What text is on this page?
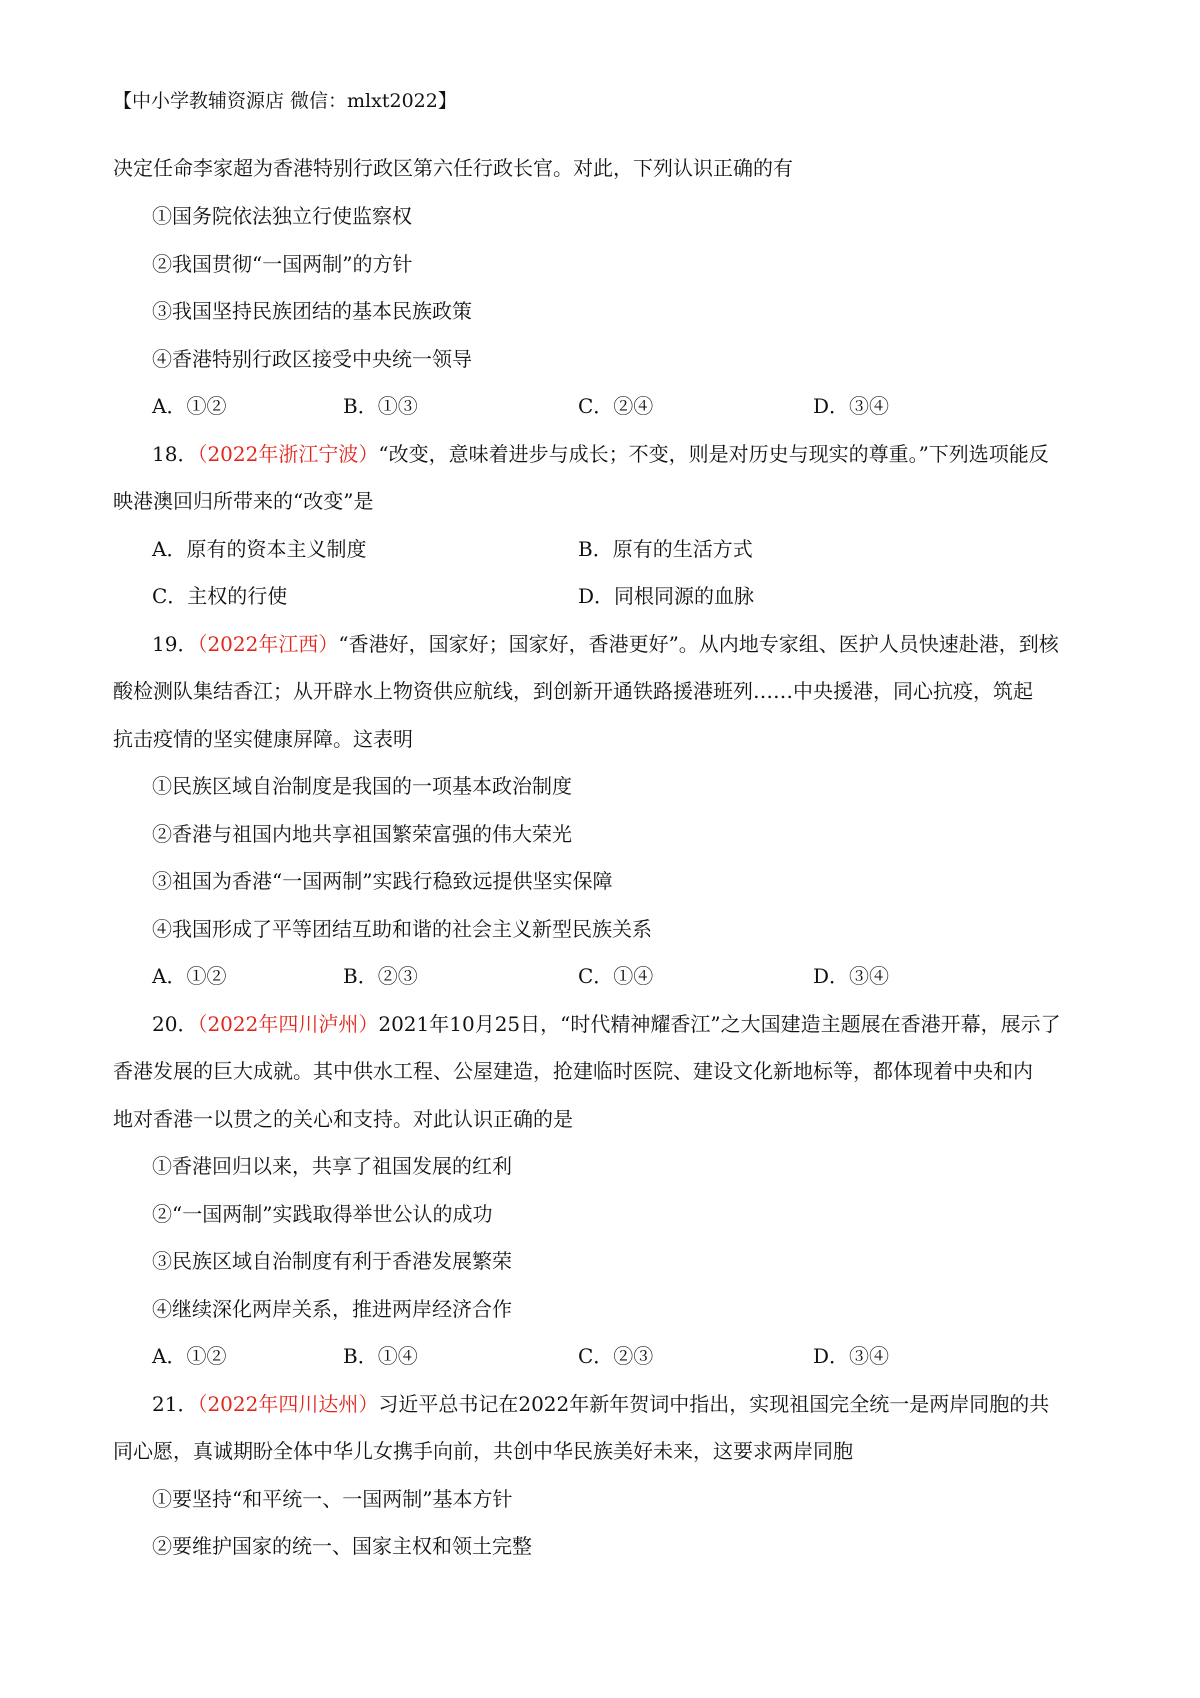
【中小学教辅资源店 微信：mlxt2022】
决定任命李家超为香港特别行政区第六任行政长官。对此，下列认识正确的有
①国务院依法独立行使监察权
②我国贯彻“一国两制”的方针
③我国坚持民族团结的基本民族政策
④香港特别行政区接受中央统一领导
A．①②	B．①③	C．②④	D．③④
18．（2022年浙江宁波）“改变，意味着进步与成长；不变，则是对历史与现实的尊重。”下列选项能反
映港澳回归所带来的“改变”是
A．原有的资本主义制度	B．原有的生活方式
C．主权的行使	D．同根同源的血脉
19．（2022年江西）“香港好，国家好；国家好，香港更好”。从内地专家组、医护人员快速赴港，到核
酸检测队集结香江；从开辟水上物资供应航线，到创新开通铁路援港班列……中央援港，同心抗疫，筑起
抗击疫情的坚实健康屏障。这表明
①民族区域自治制度是我国的一项基本政治制度
②香港与祖国内地共享祖国繁荣富强的伟大荣光
③祖国为香港“一国两制”实践行稳致远提供坚实保障
④我国形成了平等团结互助和谐的社会主义新型民族关系
A．①②	B．②③	C．①④	D．③④
20．（2022年四川泸州）2021年10月25日，“时代精神耀香江”之大国建造主题展在香港开幕，展示了
香港发展的巨大成就。其中供水工程、公屋建造，抢建临时医院、建设文化新地标等，都体现着中央和内
地对香港一以贯之的关心和支持。对此认识正确的是
①香港回归以来，共享了祖国发展的红利
②“一国两制”实践取得举世公认的成功
③民族区域自治制度有利于香港发展繁荣
④继续深化两岸关系，推进两岸经济合作
A．①②	B．①④	C．②③	D．③④
21．（2022年四川达州）习近平总书记在2022年新年贺词中指出，实现祖国完全统一是两岸同胞的共
同心愿，真诚期盼全体中华儿女携手向前，共创中华民族美好未来，这要求两岸同胞
①要坚持“和平统一、一国两制”基本方针
②要维护国家的统一、国家主权和领土完整
